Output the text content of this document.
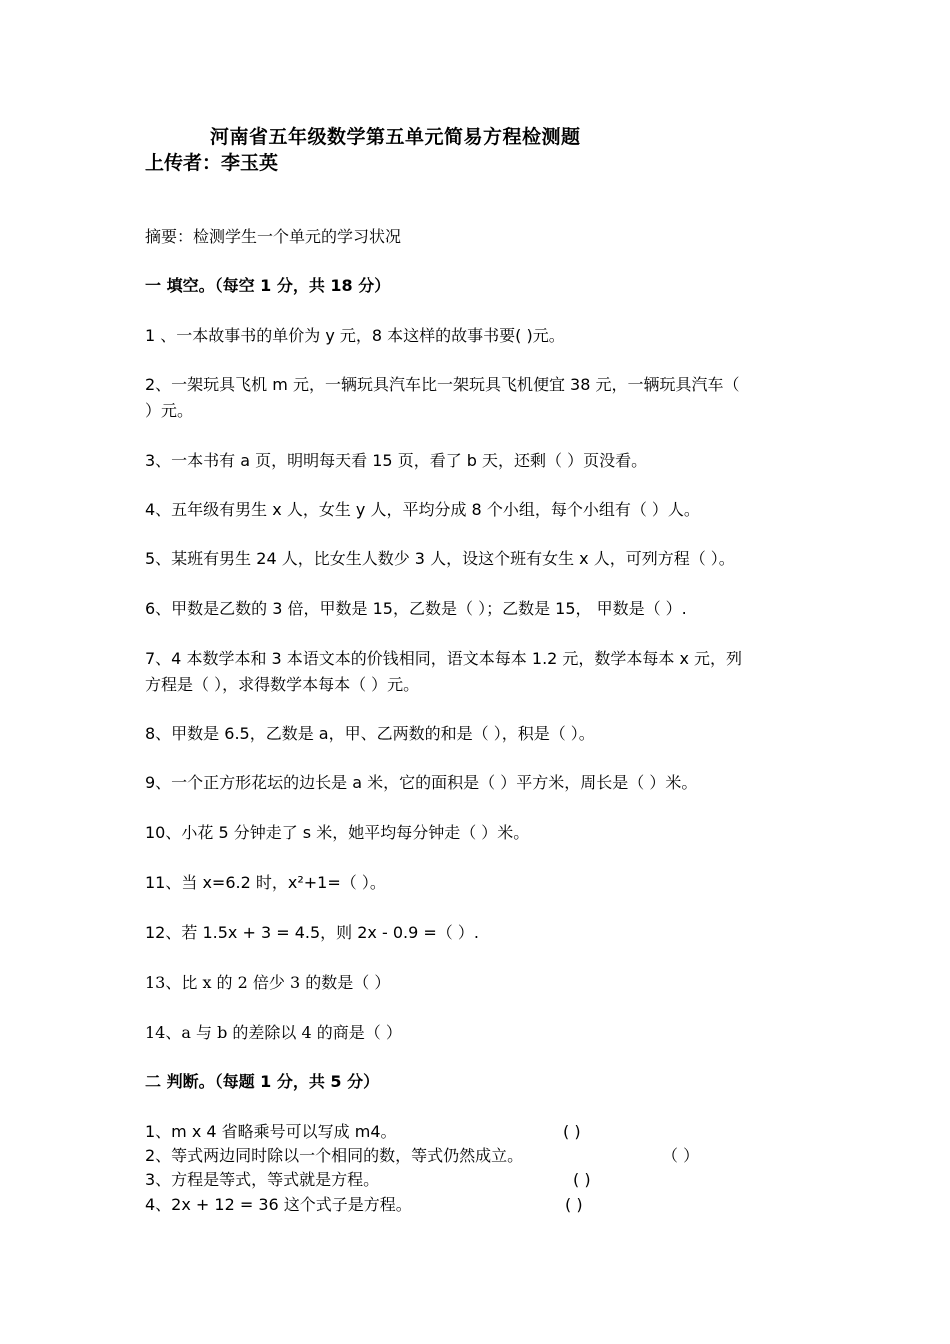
河南省五年级数学第五单元简易方程检测题
上传者：李玉英
摘要：检测学生一个单元的学习状况
一 填空。（每空 1 分，共 18 分）
1 、一本故事书的单价为 y 元，8 本这样的故事书要( )元。
2、一架玩具飞机 m 元，一辆玩具汽车比一架玩具飞机便宜 38 元，一辆玩具汽车（
）元。
3、一本书有 a 页，明明每天看 15 页，看了 b 天，还剩（ ）页没看。
4、五年级有男生 x 人，女生 y 人，平均分成 8 个小组，每个小组有（ ）人。
5、某班有男生 24 人，比女生人数少 3 人，设这个班有女生 x 人，可列方程（ ）。
6、甲数是乙数的 3 倍，甲数是 15，乙数是（ ）；乙数是 15， 甲数是（ ）.
7、4 本数学本和 3 本语文本的价钱相同，语文本每本 1.2 元，数学本每本 x 元，列
方程是（ ），求得数学本每本（ ）元。
8、甲数是 6.5，乙数是 a，甲、乙两数的和是（ ），积是（ ）。
9、一个正方形花坛的边长是 a 米，它的面积是（ ）平方米，周长是（ ）米。
10、小花 5 分钟走了 s 米，她平均每分钟走（ ）米。
11、当 x=6.2 时，x²+1=（ ）。
12、若 1.5x + 3 = 4.5，则 2x - 0.9 =（ ）.
13、比 x 的 2 倍少 3 的数是（ ）
14、a 与 b 的差除以 4 的商是（ ）
二 判断。（每题 1 分，共 5 分）
1、m x 4 省略乘号可以写成 m4。	( )
2、等式两边同时除以一个相同的数，等式仍然成立。	（ ）
3、方程是等式，等式就是方程。	( )
4、2x + 12 = 36 这个式子是方程。	( )
